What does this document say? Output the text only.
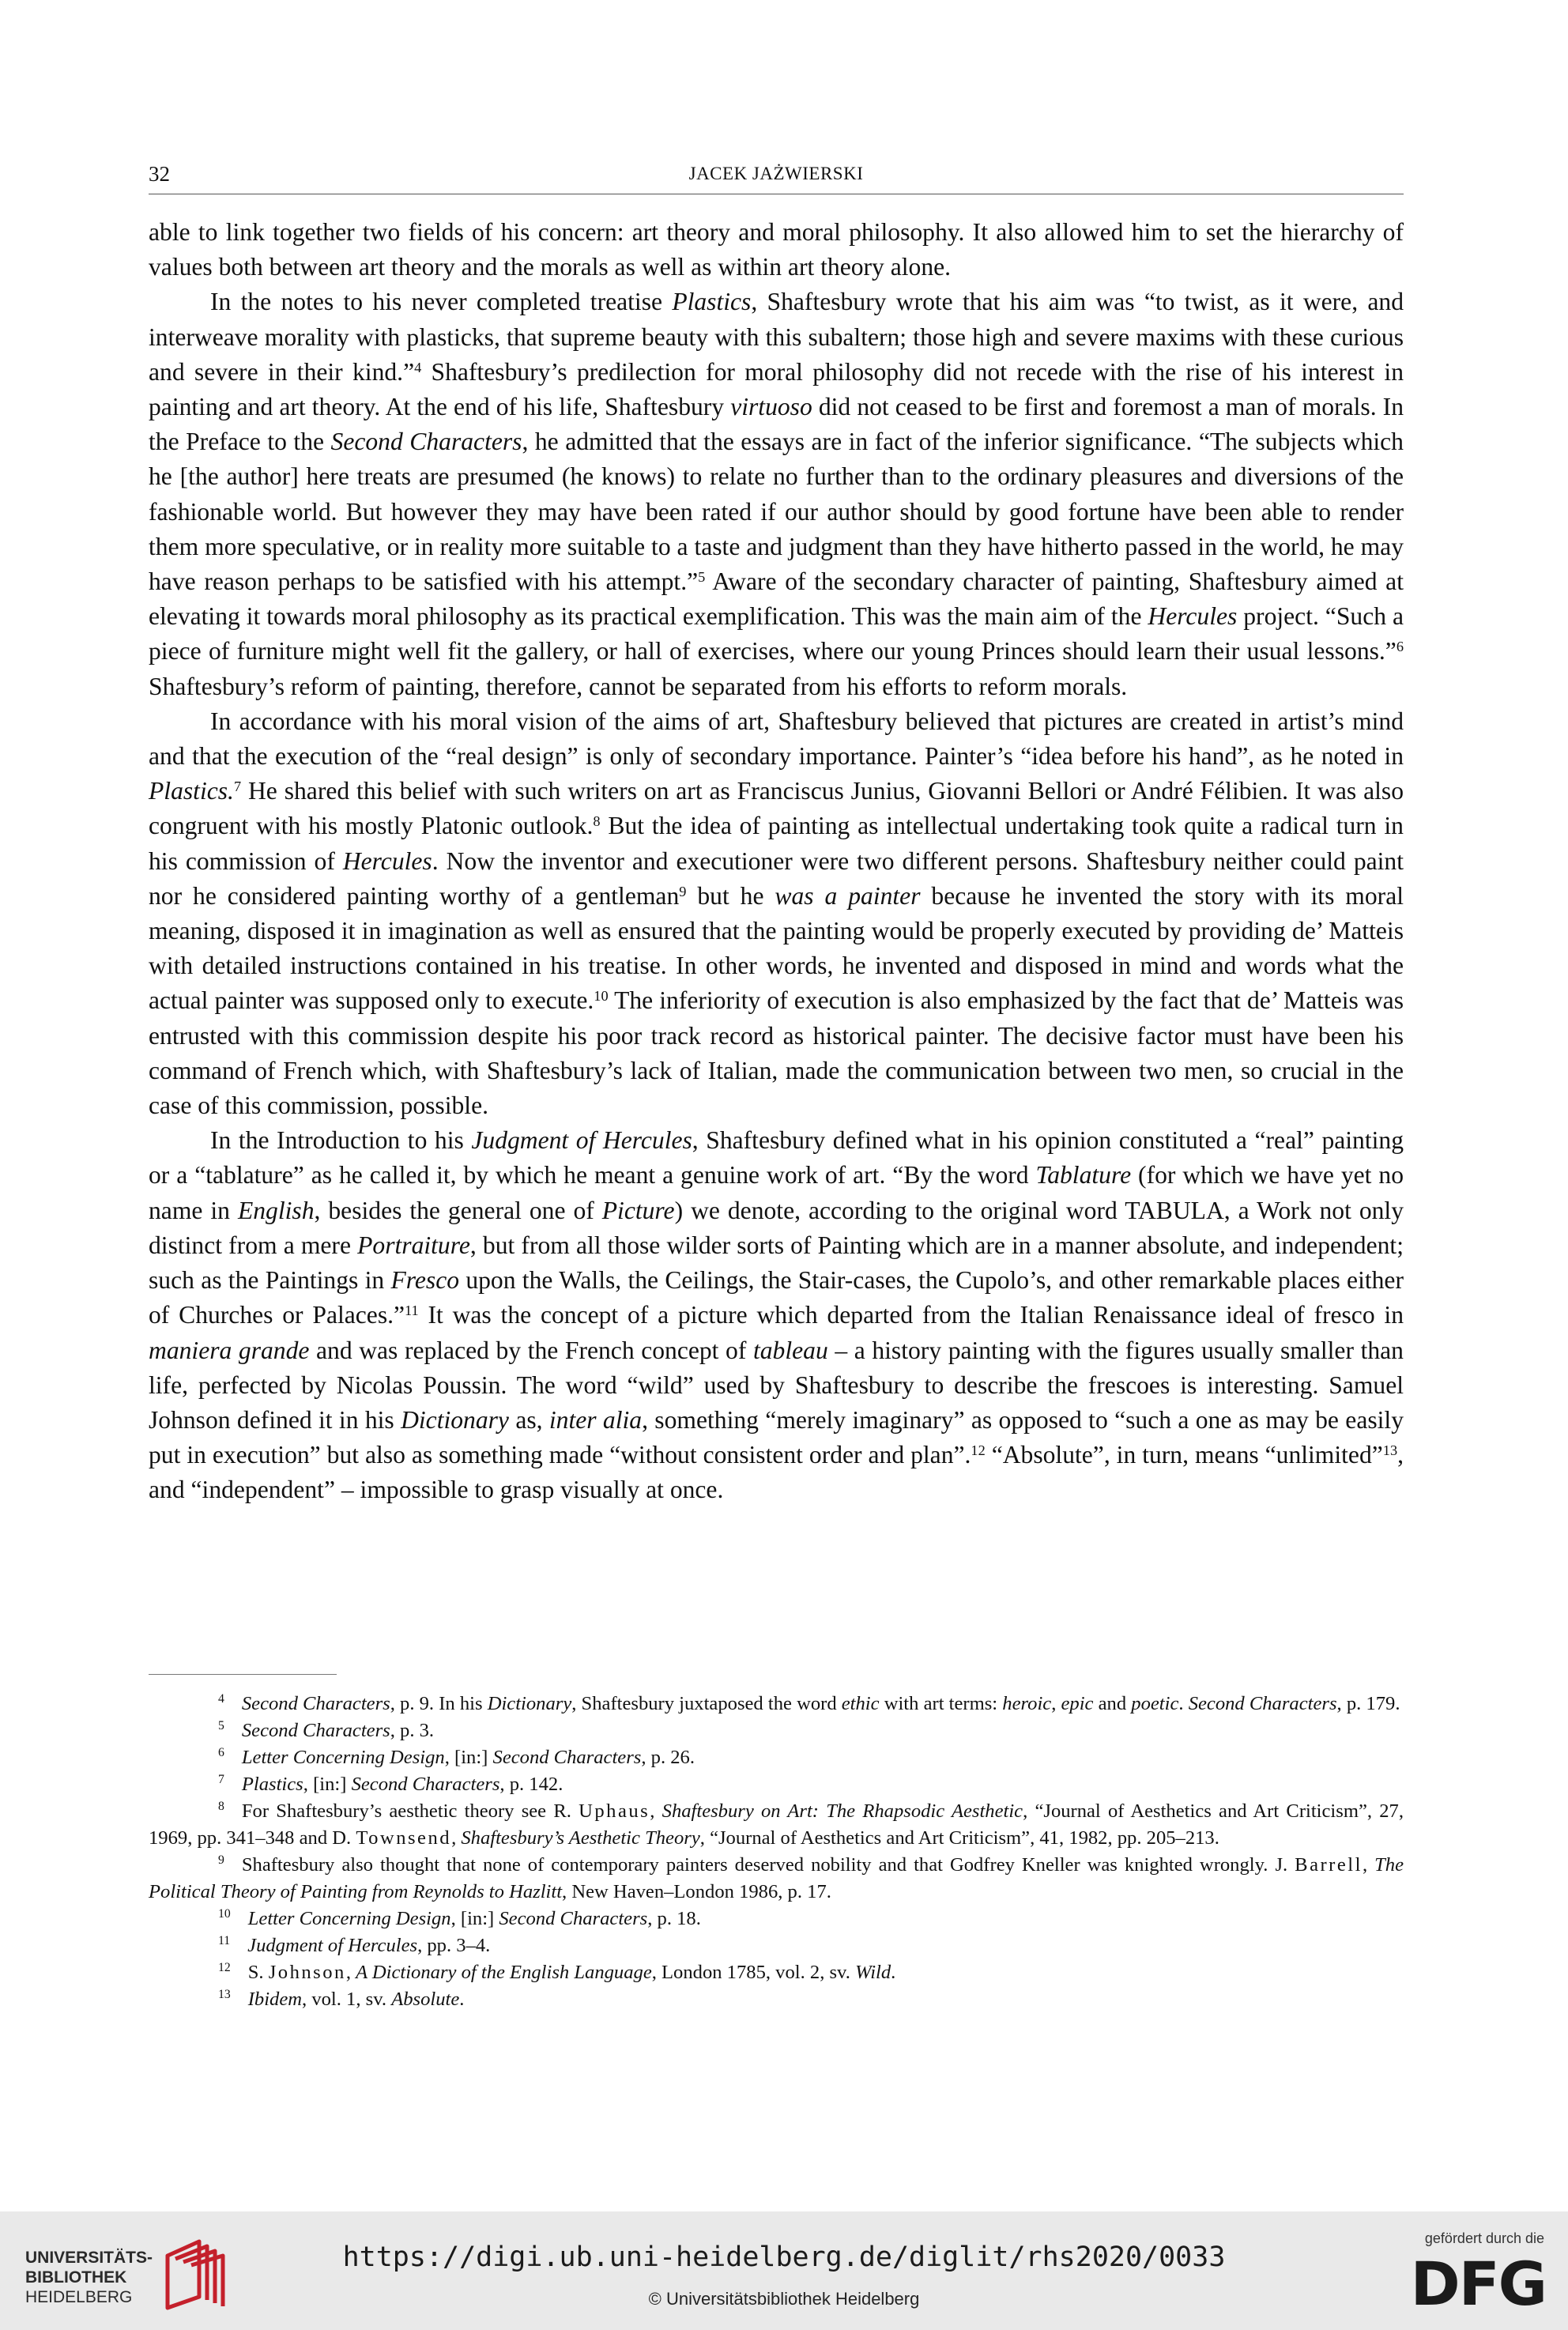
32	JACEK JAŻWIERSKI

able to link together two fields of his concern: art theory and moral philosophy. It also allowed him to set the hierarchy of values both between art theory and the morals as well as within art theory alone.

In the notes to his never completed treatise Plastics, Shaftesbury wrote that his aim was “to twist, as it were, and interweave morality with plasticks, that supreme beauty with this subaltern; those high and severe maxims with these curious and severe in their kind.”$^4$ Shaftesbury’s predilection for moral philosophy did not recede with the rise of his interest in painting and art theory. At the end of his life, Shaftesbury virtuoso did not ceased to be first and foremost a man of morals. In the Preface to the Second Characters, he admitted that the essays are in fact of the inferior significance. “The subjects which he [the author] here treats are presumed (he knows) to relate no further than to the ordinary pleasures and diversions of the fashionable world. But however they may have been rated if our author should by good fortune have been able to render them more speculative, or in reality more suitable to a taste and judgment than they have hitherto passed in the world, he may have reason perhaps to be satisfied with his attempt.”$^5$ Aware of the secondary character of painting, Shaftesbury aimed at elevating it towards moral philosophy as its practical exemplification. This was the main aim of the Hercules project. “Such a piece of furniture might well fit the gallery, or hall of exercises, where our young Princes should learn their usual lessons.”$^6$ Shaftesbury’s reform of painting, therefore, cannot be separated from his efforts to reform morals.

In accordance with his moral vision of the aims of art, Shaftesbury believed that pictures are created in artist’s mind and that the execution of the “real design” is only of secondary importance. Painter’s “idea before his hand”, as he noted in Plastics.$^7$ He shared this belief with such writers on art as Franciscus Junius, Giovanni Bellori or André Félibien. It was also congruent with his mostly Platonic outlook.$^8$ But the idea of painting as intellectual undertaking took quite a radical turn in his commission of Hercules. Now the inventor and executioner were two different persons. Shaftesbury neither could paint nor he considered painting worthy of a gentleman$^9$ but he was a painter because he invented the story with its moral meaning, disposed it in imagination as well as ensured that the painting would be properly executed by providing de’ Matteis with detailed instructions contained in his treatise. In other words, he invented and disposed in mind and words what the actual painter was supposed only to execute.$^{10}$ The inferiority of execution is also emphasized by the fact that de’ Matteis was entrusted with this commission despite his poor track record as historical painter. The decisive factor must have been his command of French which, with Shaftesbury’s lack of Italian, made the communication between two men, so crucial in the case of this commission, possible.

In the Introduction to his Judgment of Hercules, Shaftesbury defined what in his opinion constituted a “real” painting or a “tablature” as he called it, by which he meant a genuine work of art. “By the word Tablature (for which we have yet no name in English, besides the general one of Picture) we denote, according to the original word TABULA, a Work not only distinct from a mere Portraiture, but from all those wilder sorts of Painting which are in a manner absolute, and independent; such as the Paintings in Fresco upon the Walls, the Ceilings, the Stair-cases, the Cupolo’s, and other remarkable places either of Churches or Palaces.”$^{11}$ It was the concept of a picture which departed from the Italian Renaissance ideal of fresco in maniera grande and was replaced by the French concept of tableau – a history painting with the figures usually smaller than life, perfected by Nicolas Poussin. The word “wild” used by Shaftesbury to describe the frescoes is interesting. Samuel Johnson defined it in his Dictionary as, inter alia, something “merely imaginary” as opposed to “such a one as may be easily put in execution” but also as something made “without consistent order and plan”.$^{12}$ “Absolute”, in turn, means “unlimited”$^{13}$, and “independent” – impossible to grasp visually at once.

$^4$ Second Characters, p. 9. In his Dictionary, Shaftesbury juxtaposed the word ethic with art terms: heroic, epic and poetic. Second Characters, p. 179.

$^5$ Second Characters, p. 3.

$^6$ Letter Concerning Design, [in:] Second Characters, p. 26.

$^7$ Plastics, [in:] Second Characters, p. 142.

$^8$ For Shaftesbury’s aesthetic theory see R. Uphaus, Shaftesbury on Art: The Rhapsodic Aesthetic, “Journal of Aesthetics and Art Criticism”, 27, 1969, pp. 341–348 and D. Townsend, Shaftesbury’s Aesthetic Theory, “Journal of Aesthetics and Art Criticism”, 41, 1982, pp. 205–213.

$^9$ Shaftesbury also thought that none of contemporary painters deserved nobility and that Godfrey Kneller was knighted wrongly. J. Barrell, The Political Theory of Painting from Reynolds to Hazlitt, New Haven–London 1986, p. 17.

$^{10}$ Letter Concerning Design, [in:] Second Characters, p. 18.

$^{11}$ Judgment of Hercules, pp. 3–4.

$^{12}$ S. Johnson, A Dictionary of the English Language, London 1785, vol. 2, sv. Wild.

$^{13}$ Ibidem, vol. 1, sv. Absolute.

UNIVERSITÄTS-
BIBLIOTHEK
HEIDELBERG
https://digi.ub.uni-heidelberg.de/diglit/rhs2020/0033
© Universitätsbibliothek Heidelberg
gefördert durch die
DFG
